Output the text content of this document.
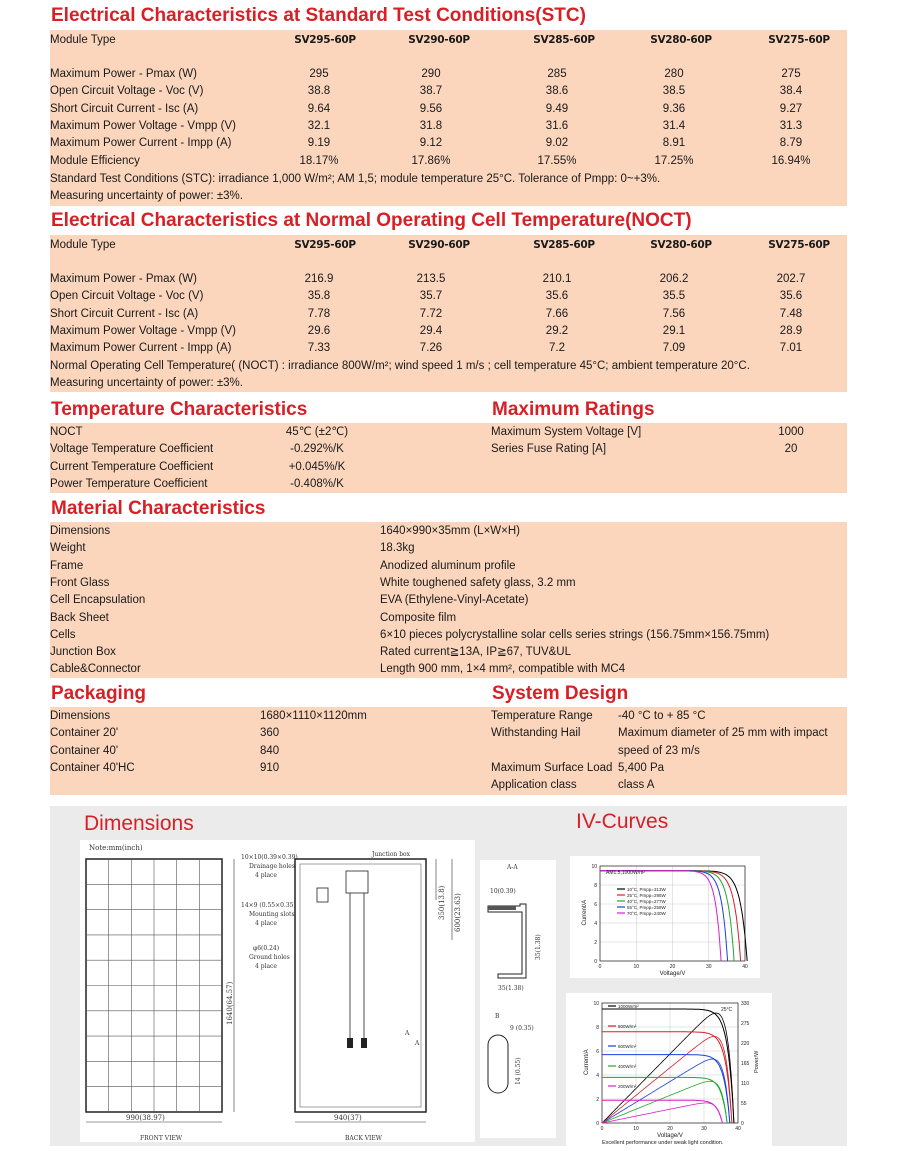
Electrical Characteristics at Standard Test Conditions(STC)
Module Type	SV295-60P	SV290-60P	SV285-60P	SV280-60P	SV275-60P
Maximum Power - Pmax (W)	295	290	285	280	275
Open Circuit Voltage - Voc (V)	38.8	38.7	38.6	38.5	38.4
Short Circuit Current - Isc (A)	9.64	9.56	9.49	9.36	9.27
Maximum Power Voltage - Vmpp (V)	32.1	31.8	31.6	31.4	31.3
Maximum Power Current - Impp (A)	9.19	9.12	9.02	8.91	8.79
Module Efficiency	18.17%	17.86%	17.55%	17.25%	16.94%
Standard Test Conditions (STC): irradiance 1,000 W/m²; AM 1,5; module temperature 25°C. Tolerance of Pmpp: 0~+3%.
Measuring uncertainty of power: ±3%.
Electrical Characteristics at Normal Operating Cell Temperature(NOCT)
Module Type	SV295-60P	SV290-60P	SV285-60P	SV280-60P	SV275-60P
Maximum Power - Pmax (W)	216.9	213.5	210.1	206.2	202.7
Open Circuit Voltage - Voc (V)	35.8	35.7	35.6	35.5	35.6
Short Circuit Current - Isc (A)	7.78	7.72	7.66	7.56	7.48
Maximum Power Voltage - Vmpp (V)	29.6	29.4	29.2	29.1	28.9
Maximum Power Current - Impp (A)	7.33	7.26	7.2	7.09	7.01
Normal Operating Cell Temperature( (NOCT) : irradiance 800W/m²; wind speed 1 m/s ; cell temperature 45°C; ambient temperature 20°C.
Measuring uncertainty of power: ±3%.
Temperature Characteristics	Maximum Ratings
NOCT	45℃ (±2℃)
Voltage Temperature Coefficient	-0.292%/K
Current Temperature Coefficient	+0.045%/K
Power Temperature Coefficient	-0.408%/K
Maximum System Voltage [V]	1000
Series Fuse Rating [A]	20
Material Characteristics
Dimensions	1640×990×35mm (L×W×H)
Weight	18.3kg
Frame	Anodized aluminum profile
Front Glass	White toughened safety glass, 3.2 mm
Cell Encapsulation	EVA (Ethylene-Vinyl-Acetate)
Back Sheet	Composite film
Cells	6×10 pieces polycrystalline solar cells series strings (156.75mm×156.75mm)
Junction Box	Rated current≧13A, IP≧67, TUV&UL
Cable&Connector	Length 900 mm, 1×4 mm², compatible with MC4
Packaging	System Design
Dimensions	1680×1110×1120mm
Container 20'	360
Container 40'	840
Container 40'HC	910
Temperature Range -40 °C to + 85 °C
Withstanding Hail	Maximum diameter of 25 mm with impact
speed of 23 m/s
Maximum Surface Load 5,400 Pa
Application class	class A
Dimensions	IV-Curves
Note:mm(inch)
990(38.97)
FRONT VIEW
1640(64.57)
10×10(0.39×0.39)
Drainage holes
4 place
14×9 (0.55×0.35)
Mounting slots
4 place
φ6(0.24)
Ground holes
4 place
Junction box
940(37)
BACK VIEW
350(13.8) 600(23.63)
A
A
A-A
10(0.39)
35(1.38)
35(1.38)
B
9 (0.35)
14 (0.55)
0
2
4
6
8
10
0	10	20	30	40
AM1.5,1000W/m²
10°C, Pmpp=313W
25°C, Pmpp=295W
40°C, Pmpp=277W
55°C, Pmpp=259W
70°C, Pmpp=240W
Voltage/V
Current/A
0
2
4
6
8
10
0	10	20	30	40
0
55
110
165
220
275
330
Power/W
25°C
1000W/m²
800W/m²
600W/m²
400W/m²
200W/m²
Voltage/V
Current/A
Excellent performance under weak light condition.
